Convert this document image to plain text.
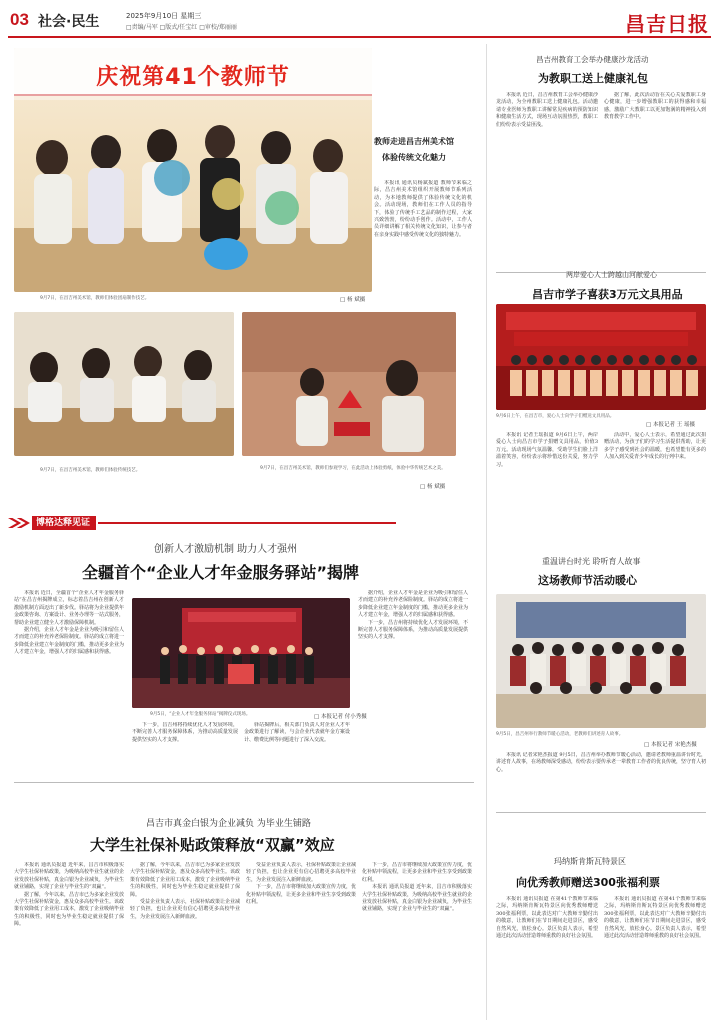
03 社会·民生	2025年9月10日 星期三
□责编/马军 □版式/任宝红 □审校/郑丽丽	昌吉日报
庆祝第41个教师节
9月7日，在昌吉州美术馆，教师们体验团扇制作技艺。	□ 杨 斌摄
教师走进昌吉州美术馆
体验传统文化魅力

本报讯 通讯员杨斌报道 教师节来临之际，昌吉州美术馆组织开展教师节系列活动，为本地教师提供了体验传统文化的机会。活动现场，教师们在工作人员的指导下，体验了传统手工艺品的制作过程，大家兴致勃勃，纷纷动手创作。活动中，工作人员详细讲解了相关传统文化知识，让参与者在亲身实践中感受传统文化的独特魅力。

9月7日，在昌吉州美术馆，教师们体验传统技艺。	9月7日，在昌吉州美术馆，教师们参观学习，在此活动上体验剪纸，体验中华传统艺术之美。
□ 杨 斌摄
昌吉州教育工会举办健康沙龙活动
为教职工送上健康礼包

本报讯 近日，昌吉州教育工会举办健康沙龙活动，为全州教职工送上健康礼包。活动邀请专业医师为教职工讲解常见疾病的预防知识和健康生活方式，现场互动氛围热烈，教职工们纷纷表示受益匪浅。

据了解，此次活动旨在关心关爱教职工身心健康，进一步增强教职工的获得感和幸福感，激励广大教职工以更加饱满的精神投入到教育教学工作中。

两岸爱心人士跨越山河献爱心
昌吉市学子喜获3万元文具用品
9月6日上午，在昌吉市，爱心人士向学子们赠送文具用品。
□ 本报记者 王 瑶摄

本报讯 记者王瑶报道 9月6日上午，两岸爱心人士向昌吉市学子捐赠文具用品，价值3万元。活动现场气氛温馨，受助学生们脸上洋溢着笑容，纷纷表示将珍惜这份关爱，努力学习。

活动中，爱心人士表示，希望通过此次捐赠活动，为孩子们的学习生活提供帮助，让更多学子感受到社会的温暖，也希望能有更多的人加入到关爱青少年成长的行列中来。

博格达释见证
创新人才激励机制 助力人才强州
全疆首个“企业人才年金服务驿站”揭牌

本报讯 近日，全疆首个“企业人才年金服务驿站”在昌吉州揭牌成立，标志着昌吉州在创新人才激励机制方面迈出了新步伐。驿站将为企业提供年金政策咨询、方案设计、业务办理等一站式服务，帮助企业建立健全人才激励保障机制。

据介绍，企业人才年金是企业为吸引和留住人才而建立的补充养老保险制度。驿站的成立将进一步降低企业建立年金制度的门槛，推动更多企业为人才建立年金，增强人才的归属感和获得感。

9月5日，“企业人才年金服务驿站”揭牌仪式现场。	□ 本报记者 付小秀摄

下一步，昌吉州将持续优化人才发展环境，不断完善人才服务保障体系，为推动高质量发展提供坚实的人才支撑。

驿站揭牌后，相关部门负责人对企业人才年金政策进行了解读，与会企业代表就年金方案设计、缴费比例等问题进行了深入交流。

据介绍，企业人才年金是企业为吸引和留住人才而建立的补充养老保险制度。驿站的成立将进一步降低企业建立年金制度的门槛，推动更多企业为人才建立年金，增强人才的归属感和获得感。

下一步，昌吉州将持续优化人才发展环境，不断完善人才服务保障体系，为推动高质量发展提供坚实的人才支撑。

重温讲台时光 聆听育人故事
这场教师节活动暖心
9月5日，昌吉州举行教师节暖心活动，老教师们讲述育人故事。
□ 本报记者 宋艳杰摄

本报讯 记者宋艳杰报道 9月5日，昌吉州举办教师节暖心活动，邀请老教师重温讲台时光，讲述育人故事，在场教师深受感动，纷纷表示要传承老一辈教育工作者的优良传统，坚守育人初心。

昌吉市真金白银为企业减负 为毕业生铺路
大学生社保补贴政策释放“双赢”效应

本报讯 通讯员报道 近年来，昌吉市积极落实大学生社保补贴政策，为吸纳高校毕业生就业的企业发放社保补贴，真金白银为企业减负，为毕业生就业铺路，实现了企业与毕业生的“双赢”。

据了解，今年以来，昌吉市已为多家企业发放大学生社保补贴资金，惠及众多高校毕业生。该政策有效降低了企业用工成本，激发了企业吸纳毕业生的积极性，同时也为毕业生稳定就业提供了保障。

据了解，今年以来，昌吉市已为多家企业发放大学生社保补贴资金，惠及众多高校毕业生。该政策有效降低了企业用工成本，激发了企业吸纳毕业生的积极性，同时也为毕业生稳定就业提供了保障。

受益企业负责人表示，社保补贴政策让企业减轻了负担，也让企业更有信心招聘更多高校毕业生，为企业发展注入新鲜血液。

受益企业负责人表示，社保补贴政策让企业减轻了负担，也让企业更有信心招聘更多高校毕业生，为企业发展注入新鲜血液。

下一步，昌吉市将继续加大政策宣传力度，优化补贴申领流程，让更多企业和毕业生享受到政策红利。

下一步，昌吉市将继续加大政策宣传力度，优化补贴申领流程，让更多企业和毕业生享受到政策红利。

本报讯 通讯员报道 近年来，昌吉市积极落实大学生社保补贴政策，为吸纳高校毕业生就业的企业发放社保补贴，真金白银为企业减负，为毕业生就业铺路，实现了企业与毕业生的“双赢”。

玛纳斯肯斯瓦特景区
向优秀教师赠送300张福利票

本报讯 通讯员报道 在第41个教师节来临之际，玛纳斯肯斯瓦特景区向优秀教师赠送300张福利票，以此表达对广大教师辛勤付出的敬意，让教师们在节日期间走进景区，感受自然风光，放松身心。景区负责人表示，希望通过此次活动营造尊师重教的良好社会氛围。

本报讯 通讯员报道 在第41个教师节来临之际，玛纳斯肯斯瓦特景区向优秀教师赠送300张福利票，以此表达对广大教师辛勤付出的敬意，让教师们在节日期间走进景区，感受自然风光，放松身心。景区负责人表示，希望通过此次活动营造尊师重教的良好社会氛围。
